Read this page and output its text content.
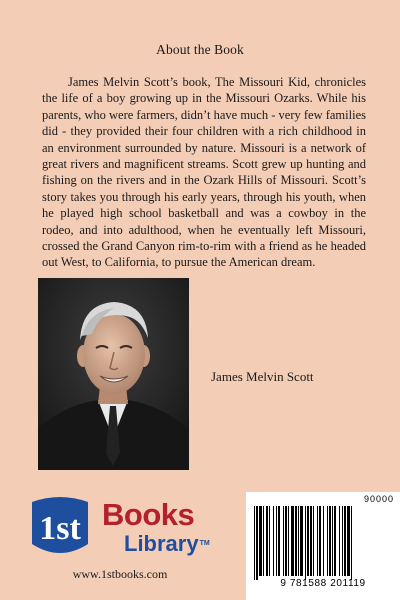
About the Book

James Melvin Scott’s book, The Missouri Kid, chronicles the life of a boy growing up in the Missouri Ozarks. While his parents, who were farmers, didn’t have much - very few families did - they provided their four children with a rich childhood in an environment surrounded by nature. Missouri is a network of great rivers and magnificent streams. Scott grew up hunting and fishing on the rivers and in the Ozark Hills of Missouri. Scott’s story takes you through his early years, through his youth, when he played high school basketball and was a cowboy in the rodeo, and into adulthood, when he eventually left Missouri, crossed the Grand Canyon rim-to-rim with a friend as he headed out West, to California, to pursue the American dream.

James Melvin Scott
1st Books
Library™
www.1stbooks.com
90000
9 781588 201119
